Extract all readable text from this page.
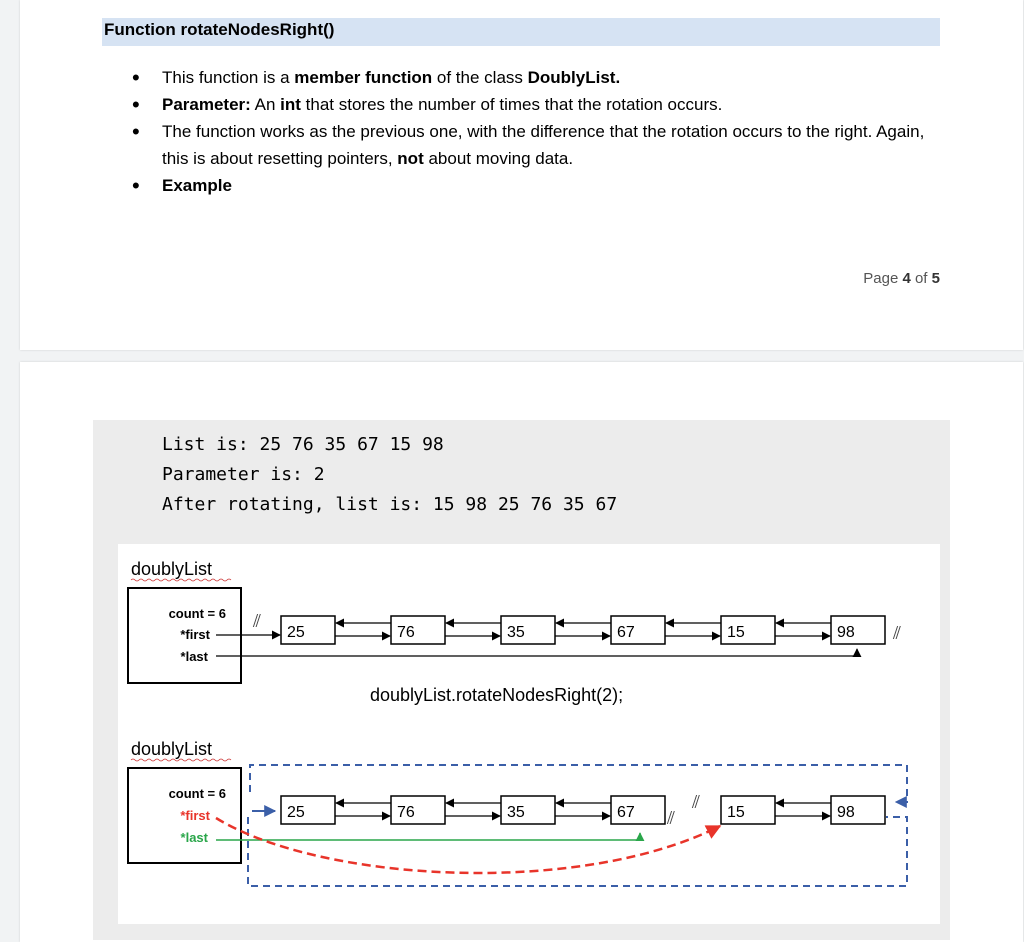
Function rotateNodesRight()
• This function is a member function of the class DoublyList.
• Parameter: An int that stores the number of times that the rotation occurs.
• The function works as the previous one, with the difference that the rotation occurs to the right. Again, this is about resetting pointers, not about moving data.
• Example
Page 4 of 5
List is: 25 76 35 67 15 98
Parameter is: 2
After rotating, list is: 15 98 25 76 35 67
doublyList
count = 6
*first
*last
⫽
⫽
25	76	35	67	15	98
doublyList.rotateNodesRight(2);
doublyList
count = 6
*first
*last
⫽
⫽
25	76	35	67	15	98
